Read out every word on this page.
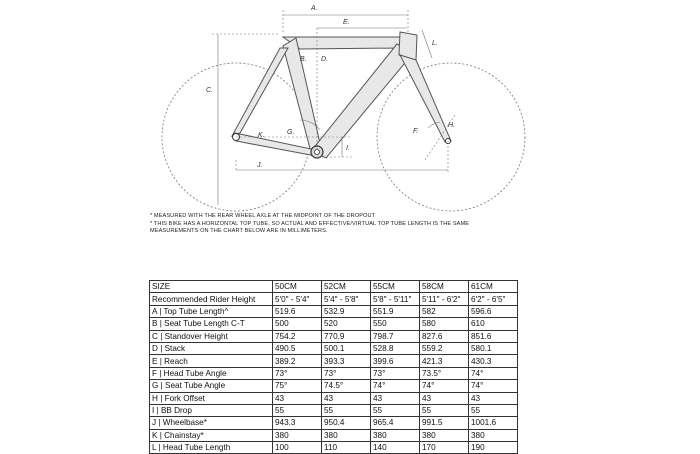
A.
B.
C.
D.
E.
F.
G.
H.
I.
J.
K.
L.
* MEASURED WITH THE REAR WHEEL AXLE AT THE MIDPOINT OF THE DROPOUT
* THIS BIKE HAS A HORIZONTAL TOP TUBE, SO ACTUAL AND EFFECTIVE/VIRTUAL TOP TUBE LENGTH IS THE SAME
MEASUREMENTS ON THE CHART BELOW ARE IN MILLIMETERS.
SIZE	50CM	52CM	55CM	58CM	61CM
Recommended Rider Height	5'0" - 5'4"	5'4" - 5'8"	5'8" - 5'11"	5'11" - 6'2"	6'2" - 6'5"
A | Top Tube Length^	519.6	532.9	551.9	582	596.6
B | Seat Tube Length C-T	500	520	550	580	610
C | Standover Height	754.2	770.9	798.7	827.6	851.6
D | Stack	490.5	500.1	528.8	559.2	580.1
E | Reach	389.2	393.3	399.6	421.3	430.3
F | Head Tube Angle	73°	73°	73°	73.5°	74°
G | Seat Tube Angle	75°	74.5°	74°	74°	74°
H | Fork Offset	43	43	43	43	43
I | BB Drop	55	55	55	55	55
J | Wheelbase*	943.3	950.4	965.4	991.5	1001.6
K | Chainstay*	380	380	380	380	380
L | Head Tube Length	100	110	140	170	190
